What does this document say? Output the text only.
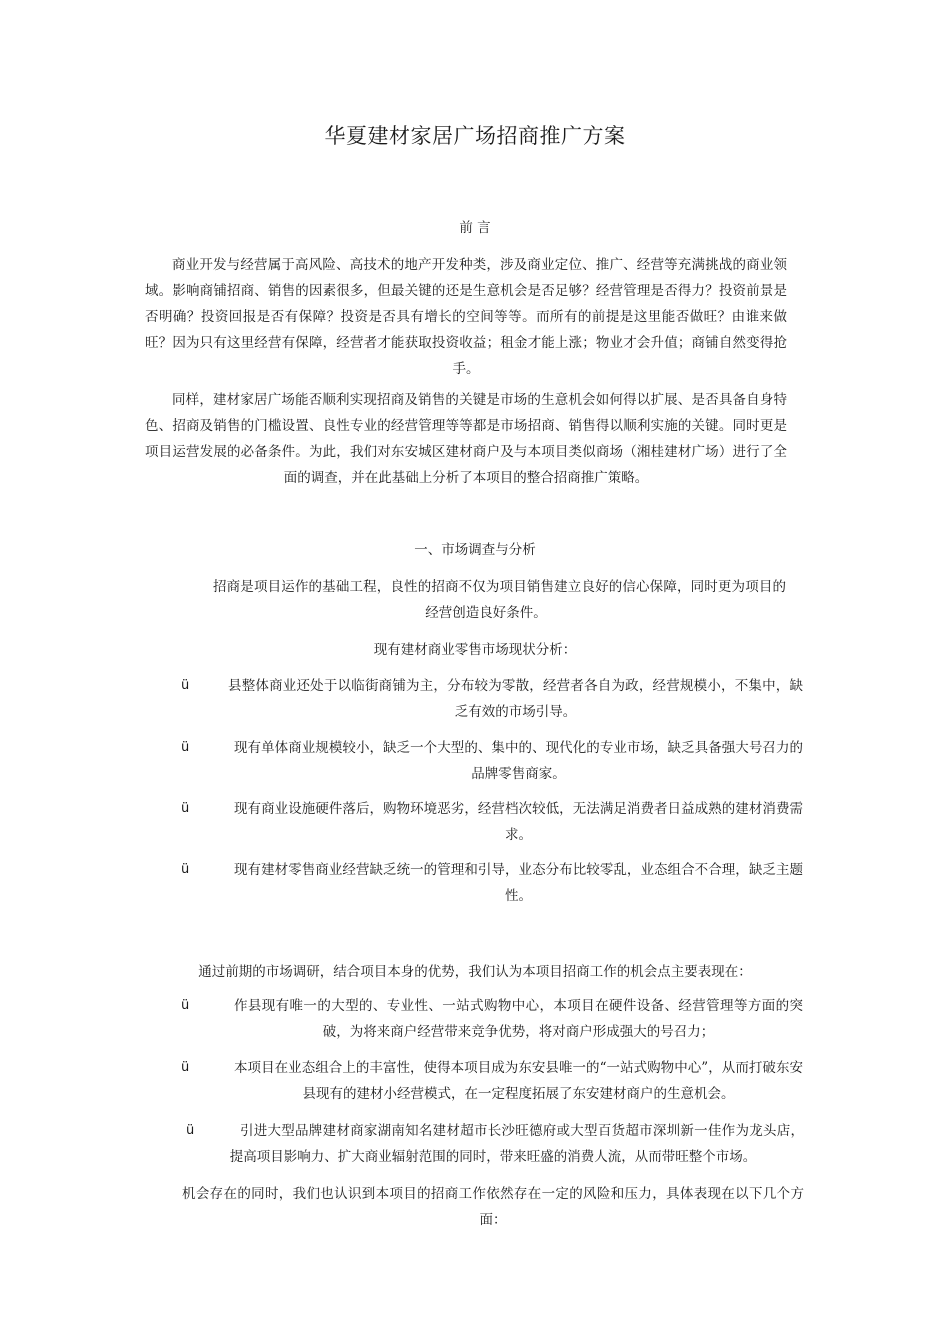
华夏建材家居广场招商推广方案
前 言
商业开发与经营属于高风险、高技术的地产开发种类，涉及商业定位、推广、经营等充满挑战的商业领域。影响商铺招商、销售的因素很多，但最关键的还是生意机会是否足够？经营管理是否得力？投资前景是否明确？投资回报是否有保障？投资是否具有增长的空间等等。而所有的前提是这里能否做旺？由谁来做旺？因为只有这里经营有保障，经营者才能获取投资收益；租金才能上涨；物业才会升值；商铺自然变得抢手。
同样，建材家居广场能否顺利实现招商及销售的关键是市场的生意机会如何得以扩展、是否具备自身特色、招商及销售的门槛设置、良性专业的经营管理等等都是市场招商、销售得以顺利实施的关键。同时更是项目运营发展的必备条件。为此，我们对东安城区建材商户及与本项目类似商场（湘桂建材广场）进行了全面的调查，并在此基础上分析了本项目的整合招商推广策略。
一、市场调查与分析
招商是项目运作的基础工程，良性的招商不仅为项目销售建立良好的信心保障，同时更为项目的经营创造良好条件。
现有建材商业零售市场现状分析：
ü	县整体商业还处于以临街商铺为主，分布较为零散，经营者各自为政，经营规模小，不集中，缺乏有效的市场引导。
ü	现有单体商业规模较小，缺乏一个大型的、集中的、现代化的专业市场，缺乏具备强大号召力的品牌零售商家。
ü	现有商业设施硬件落后，购物环境恶劣，经营档次较低，无法满足消费者日益成熟的建材消费需求。
ü	现有建材零售商业经营缺乏统一的管理和引导，业态分布比较零乱，业态组合不合理，缺乏主题性。
通过前期的市场调研，结合项目本身的优势，我们认为本项目招商工作的机会点主要表现在：
ü	作县现有唯一的大型的、专业性、一站式购物中心，本项目在硬件设备、经营管理等方面的突破，为将来商户经营带来竞争优势，将对商户形成强大的号召力；
ü	本项目在业态组合上的丰富性，使得本项目成为东安县唯一的“一站式购物中心”，从而打破东安县现有的建材小经营模式，在一定程度拓展了东安建材商户的生意机会。
ü	引进大型品牌建材商家湖南知名建材超市长沙旺德府或大型百货超市深圳新一佳作为龙头店，提高项目影响力、扩大商业辐射范围的同时，带来旺盛的消费人流，从而带旺整个市场。
机会存在的同时，我们也认识到本项目的招商工作依然存在一定的风险和压力，具体表现在以下几个方面：
